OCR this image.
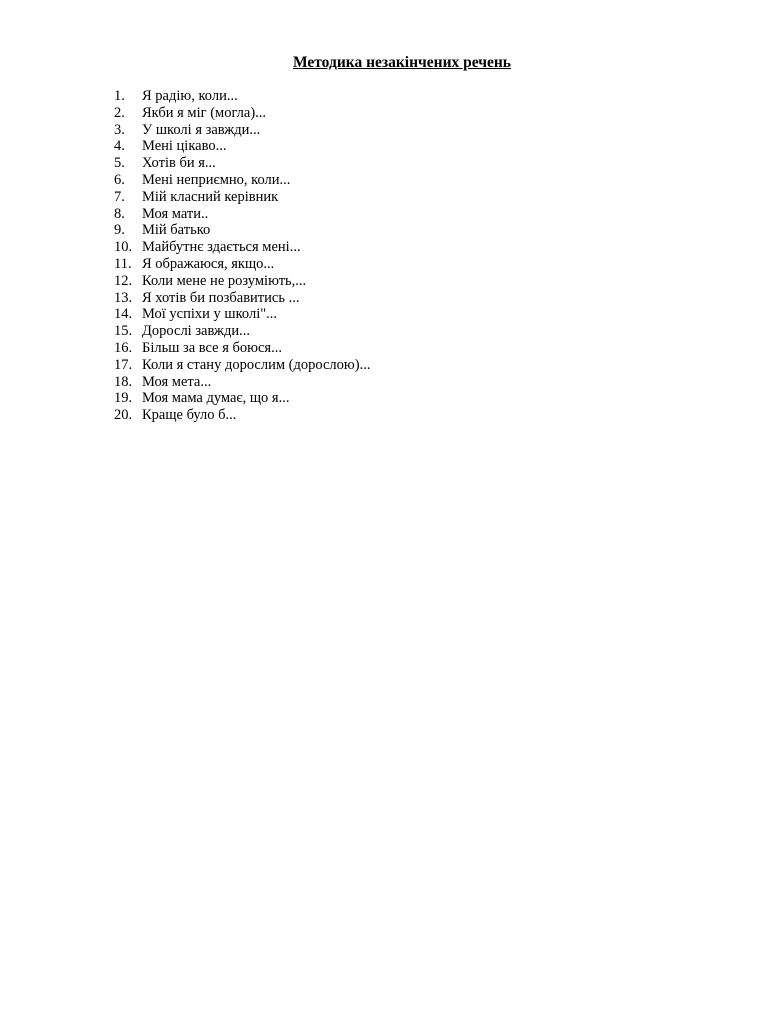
Методика незакінчених речень
1.	Я радію, коли...
2.	Якби я міг (могла)...
3.	У школі я завжди...
4.	Мені цікаво...
5.	Хотів би я...
6.	Мені неприємно, коли...
7.	Мій класний керівник
8.	Моя мати..
9.	Мій батько
10. Майбутнє здається мені...
11. Я ображаюся, якщо...
12. Коли мене не розуміють,...
13. Я хотів би позбавитись ...
14. Мої успіхи у школі"...
15. Дорослі завжди...
16. Більш за все я боюся...
17. Коли я стану дорослим (дорослою)...
18. Моя мета...
19. Моя мама думає, що я...
20. Краще було б...
